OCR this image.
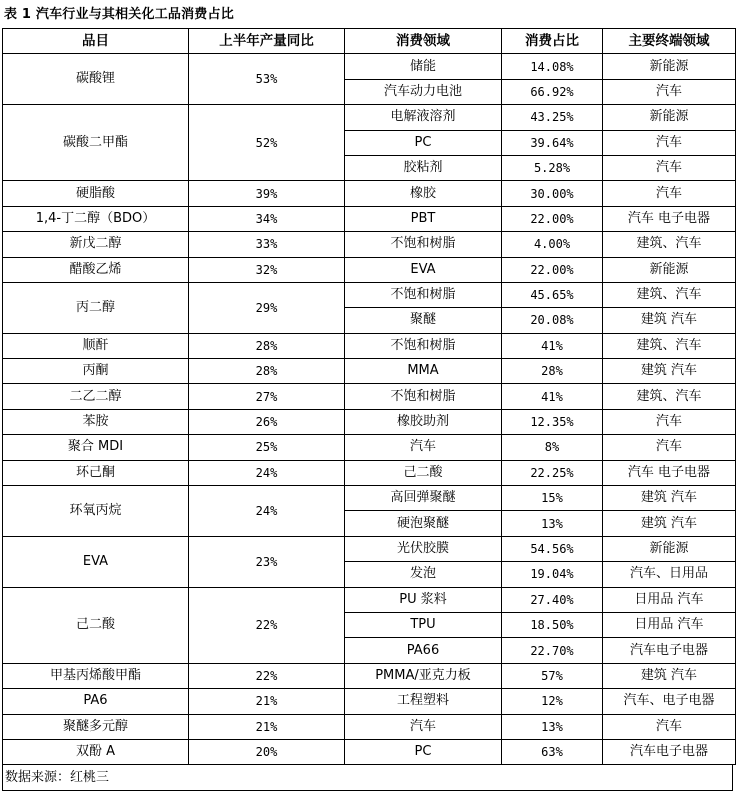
表 1 汽车行业与其相关化工品消费占比
品目	上半年产量同比	消费领域	消费占比	主要终端领域
碳酸锂	53%	储能	14.08%	新能源
		汽车动力电池	66.92%	汽车
碳酸二甲酯	52%	电解液溶剂	43.25%	新能源
		PC	39.64%	汽车
		胶粘剂	5.28%	汽车
硬脂酸	39%	橡胶	30.00%	汽车
1,4-丁二醇（BDO）	34%	PBT	22.00%	汽车 电子电器
新戊二醇	33%	不饱和树脂	4.00%	建筑、汽车
醋酸乙烯	32%	EVA	22.00%	新能源
丙二醇	29%	不饱和树脂	45.65%	建筑、汽车
		聚醚	20.08%	建筑 汽车
顺酐	28%	不饱和树脂	41%	建筑、汽车
丙酮	28%	MMA	28%	建筑 汽车
二乙二醇	27%	不饱和树脂	41%	建筑、汽车
苯胺	26%	橡胶助剂	12.35%	汽车
聚合 MDI	25%	汽车	8%	汽车
环己酮	24%	己二酸	22.25%	汽车 电子电器
环氧丙烷	24%	高回弹聚醚	15%	建筑 汽车
		硬泡聚醚	13%	建筑 汽车
EVA	23%	光伏胶膜	54.56%	新能源
		发泡	19.04%	汽车、日用品
己二酸	22%	PU 浆料	27.40%	日用品 汽车
		TPU	18.50%	日用品 汽车
		PA66	22.70%	汽车电子电器
甲基丙烯酸甲酯	22%	PMMA/亚克力板	57%	建筑 汽车
PA6	21%	工程塑料	12%	汽车、电子电器
聚醚多元醇	21%	汽车	13%	汽车
双酚 A	20%	PC	63%	汽车电子电器
数据来源：红桃三
